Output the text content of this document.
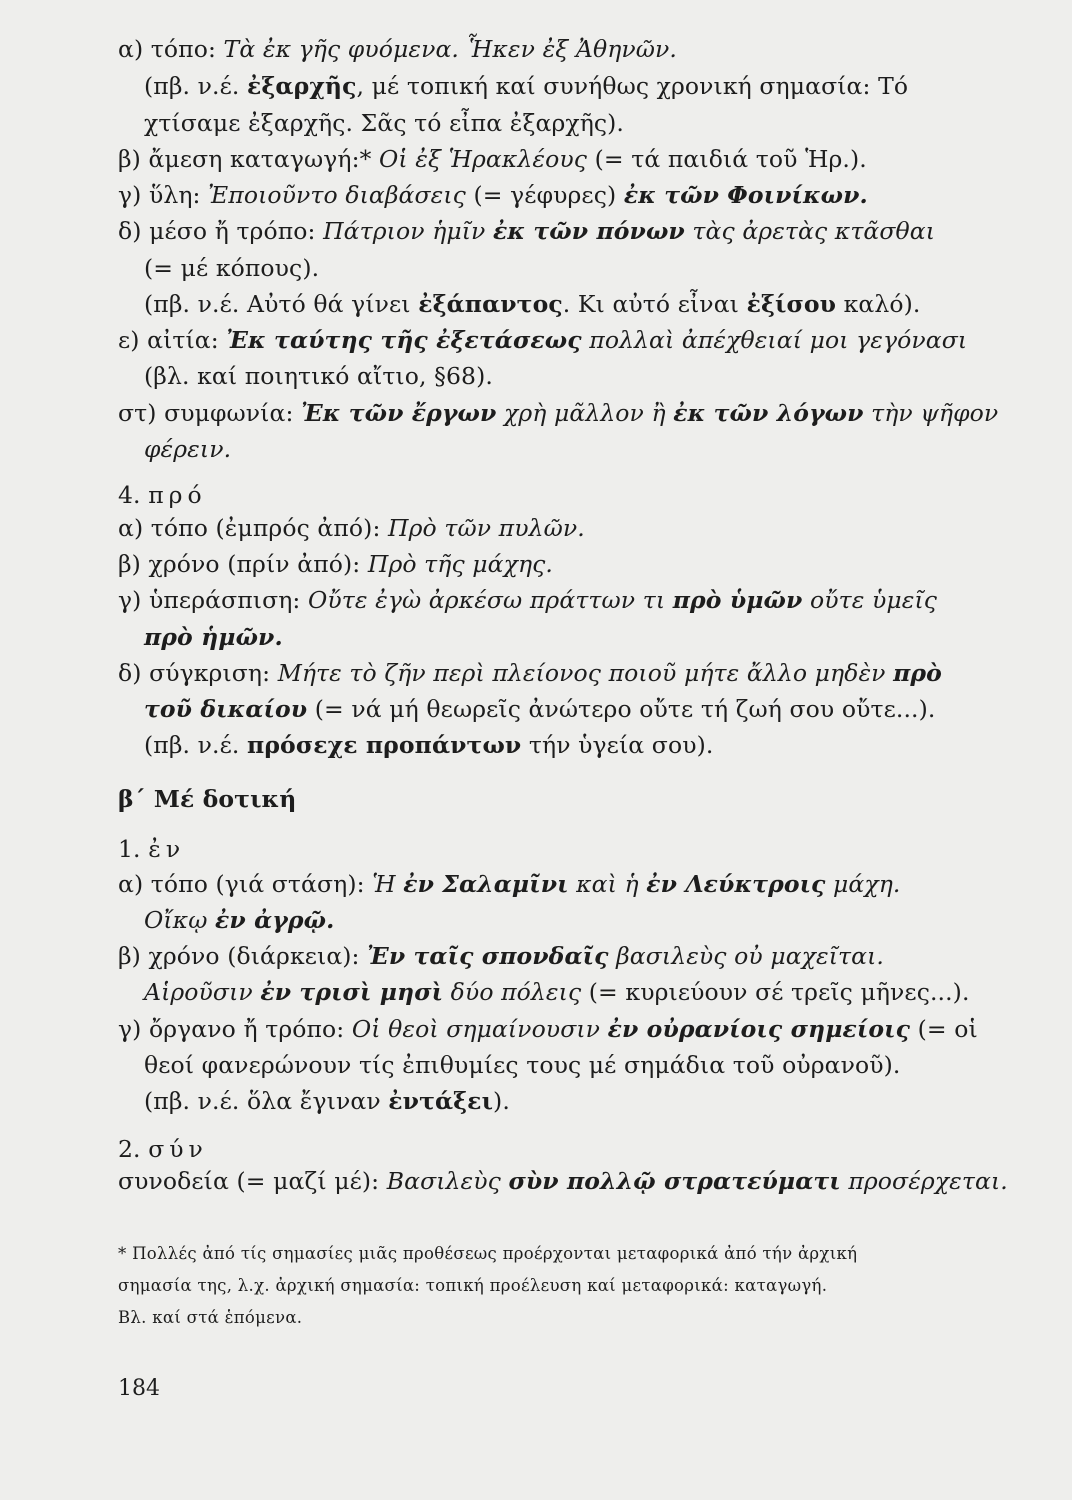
α) τόπο: Τὰ ἐκ γῆς φυόμενα. Ἧκεν ἐξ Ἀθηνῶν.
(πβ. ν.έ. ἐξαρχῆς, μέ τοπική καί συνήθως χρονική σημασία: Τό
χτίσαμε ἐξαρχῆς. Σᾶς τό εἶπα ἐξαρχῆς).
β) ἄμεση καταγωγή:* Οἱ ἐξ Ἡρακλέους (= τά παιδιά τοῦ Ἡρ.).
γ) ὕλη: Ἐποιοῦντο διαβάσεις (= γέφυρες) ἐκ τῶν Φοινίκων.
δ) μέσο ἤ τρόπο: Πάτριον ἡμῖν ἐκ τῶν πόνων τὰς ἀρετὰς κτᾶσθαι
(= μέ κόπους).
(πβ. ν.έ. Αὐτό θά γίνει ἐξάπαντος. Κι αὐτό εἶναι ἐξίσου καλό).
ε) αἰτία: Ἐκ ταύτης τῆς ἐξετάσεως πολλαὶ ἀπέχθειαί μοι γεγόνασι
(βλ. καί ποιητικό αἴτιο, §68).
στ) συμφωνία: Ἐκ τῶν ἔργων χρὴ μᾶλλον ἢ ἐκ τῶν λόγων τὴν ψῆφον
φέρειν.
4. πρό
α) τόπο (ἐμπρός ἀπό): Πρὸ τῶν πυλῶν.
β) χρόνο (πρίν ἀπό): Πρὸ τῆς μάχης.
γ) ὑπεράσπιση: Οὔτε ἐγὼ ἀρκέσω πράττων τι πρὸ ὑμῶν οὔτε ὑμεῖς
πρὸ ἡμῶν.
δ) σύγκριση: Μήτε τὸ ζῆν περὶ πλείονος ποιοῦ μήτε ἄλλο μηδὲν πρὸ
τοῦ δικαίου (= νά μή θεωρεῖς ἀνώτερο οὔτε τή ζωή σου οὔτε...).
(πβ. ν.έ. πρόσεχε προπάντων τήν ὑγεία σου).
β΄ Μέ δοτική
1. ἐν
α) τόπο (γιά στάση): Ἡ ἐν Σαλαμῖνι καὶ ἡ ἐν Λεύκτροις μάχη.
Οἴκῳ ἐν ἀγρῷ.
β) χρόνο (διάρκεια): Ἐν ταῖς σπονδαῖς βασιλεὺς οὐ μαχεῖται.
Αἱροῦσιν ἐν τρισὶ μησὶ δύο πόλεις (= κυριεύουν σέ τρεῖς μῆνες...).
γ) ὄργανο ἤ τρόπο: Οἱ θεοὶ σημαίνουσιν ἐν οὐρανίοις σημείοις (= οἱ
θεοί φανερώνουν τίς ἐπιθυμίες τους μέ σημάδια τοῦ οὐρανοῦ).
(πβ. ν.έ. ὅλα ἔγιναν ἐντάξει).
2. σύν
συνοδεία (= μαζί μέ): Βασιλεὺς σὺν πολλῷ στρατεύματι προσέρχεται.
* Πολλές ἀπό τίς σημασίες μιᾶς προθέσεως προέρχονται μεταφορικά ἀπό τήν ἀρχική
σημασία της, λ.χ. ἀρχική σημασία: τοπική προέλευση καί μεταφορικά: καταγωγή.
Βλ. καί στά ἑπόμενα.
184
